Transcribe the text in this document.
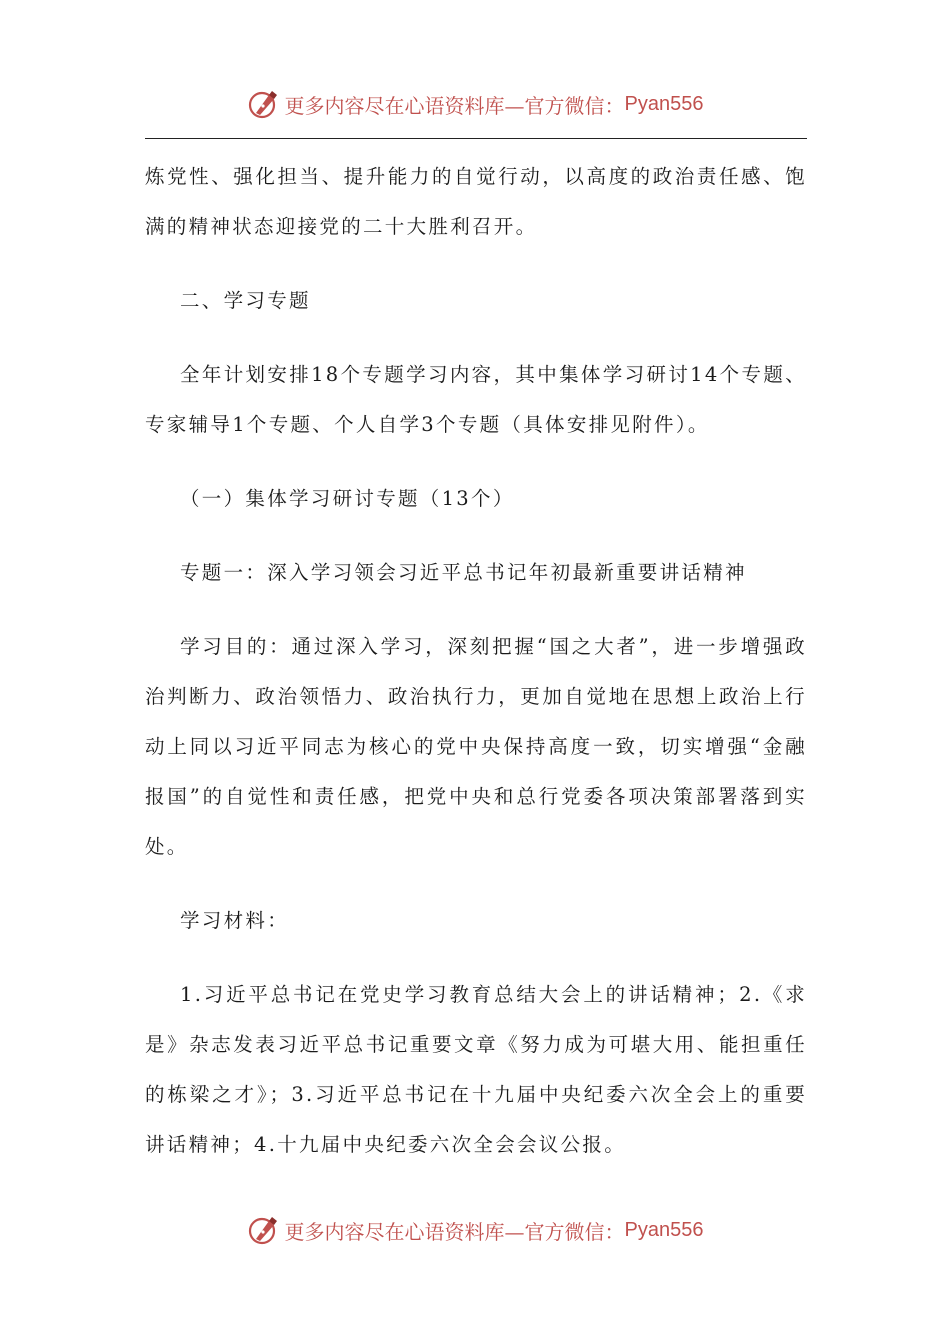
更多内容尽在心语资料库—官方微信： Pyan556

炼党性、强化担当、提升能力的自觉行动，以高度的政治责任感、饱满的精神状态迎接党的二十大胜利召开。

二、学习专题

全年计划安排18个专题学习内容，其中集体学习研讨14个专题、专家辅导1个专题、个人自学3个专题（具体安排见附件）。

（一）集体学习研讨专题（13个）

专题一：深入学习领会习近平总书记年初最新重要讲话精神

学习目的：通过深入学习，深刻把握“国之大者”，进一步增强政治判断力、政治领悟力、政治执行力，更加自觉地在思想上政治上行动上同以习近平同志为核心的党中央保持高度一致，切实增强“金融报国”的自觉性和责任感，把党中央和总行党委各项决策部署落到实处。

学习材料：

1.习近平总书记在党史学习教育总结大会上的讲话精神；2.《求是》杂志发表习近平总书记重要文章《努力成为可堪大用、能担重任的栋梁之才》；3.习近平总书记在十九届中央纪委六次全会上的重要讲话精神；4.十九届中央纪委六次全会会议公报。

更多内容尽在心语资料库—官方微信： Pyan556
